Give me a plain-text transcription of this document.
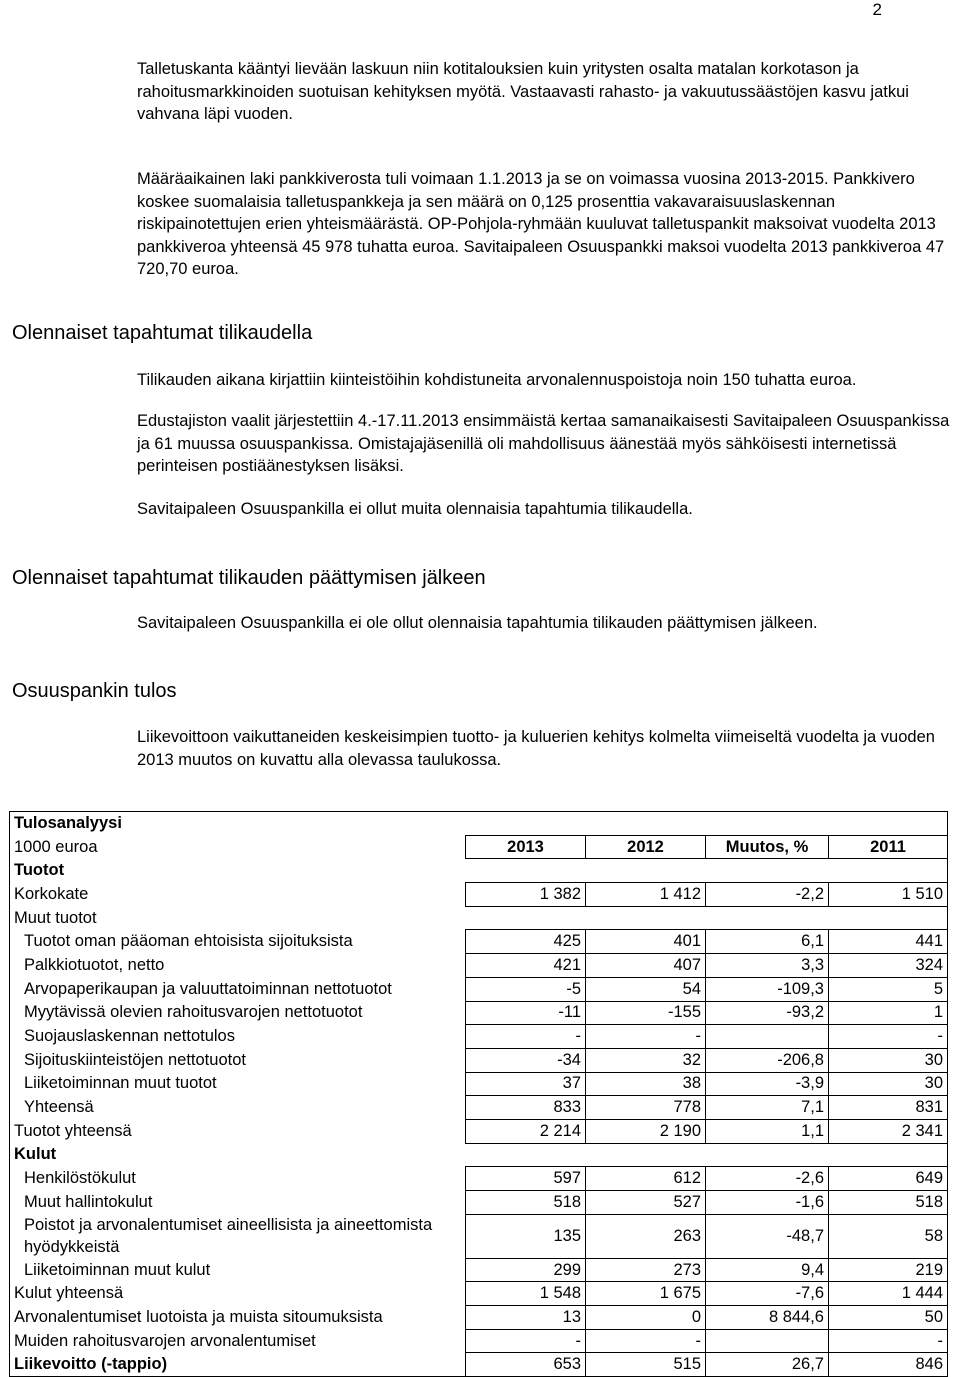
2

Talletuskanta kääntyi lievään laskuun niin kotitalouksien kuin yritysten osalta matalan korkotason ja rahoitusmarkkinoiden suotuisan kehityksen myötä. Vastaavasti rahasto- ja vakuutussäästöjen kasvu jatkui vahvana läpi vuoden.

Määräaikainen laki pankkiverosta tuli voimaan 1.1.2013 ja se on voimassa vuosina 2013-2015. Pankkivero koskee suomalaisia talletuspankkeja ja sen määrä on 0,125 prosenttia vakavaraisuuslaskennan riskipainotettujen erien yhteismäärästä. OP-Pohjola-ryhmään kuuluvat talletuspankit maksoivat vuodelta 2013 pankkiveroa yhteensä 45 978 tuhatta euroa. Savitaipaleen Osuuspankki maksoi vuodelta 2013 pankkiveroa 47 720,70 euroa.

Olennaiset tapahtumat tilikaudella

Tilikauden aikana kirjattiin kiinteistöihin kohdistuneita arvonalennuspoistoja noin 150 tuhatta euroa.

Edustajiston vaalit järjestettiin 4.-17.11.2013 ensimmäistä kertaa samanaikaisesti Savitaipaleen Osuuspankissa ja 61 muussa osuuspankissa. Omistajajäsenillä oli mahdollisuus äänestää myös sähköisesti internetissä perinteisen postiäänestyksen lisäksi.

Savitaipaleen Osuuspankilla ei ollut muita olennaisia tapahtumia tilikaudella.

Olennaiset tapahtumat tilikauden päättymisen jälkeen

Savitaipaleen Osuuspankilla ei ole ollut olennaisia tapahtumia tilikauden päättymisen jälkeen.

Osuuspankin tulos

Liikevoittoon vaikuttaneiden keskeisimpien tuotto- ja kuluerien kehitys kolmelta viimeiseltä vuodelta ja vuoden 2013 muutos on kuvattu alla olevassa taulukossa.

Tulosanalyysi				
1000 euroa	2013	2012	Muutos, %	2011
Tuotot				
Korkokate	1 382	1 412	-2,2	1 510
Muut tuotot				
Tuotot oman pääoman ehtoisista sijoituksista	425	401	6,1	441
Palkkiotuotot, netto	421	407	3,3	324
Arvopaperikaupan ja valuuttatoiminnan nettotuotot	-5	54	-109,3	5
Myytävissä olevien rahoitusvarojen nettotuotot	-11	-155	-93,2	1
Suojauslaskennan nettotulos	-	-		-
Sijoituskiinteistöjen nettotuotot	-34	32	-206,8	30
Liiketoiminnan muut tuotot	37	38	-3,9	30
Yhteensä	833	778	7,1	831
Tuotot yhteensä	2 214	2 190	1,1	2 341
Kulut				
Henkilöstökulut	597	612	-2,6	649
Muut hallintokulut	518	527	-1,6	518
Poistot ja arvonalentumiset aineellisista ja aineettomista hyödykkeistä	135	263	-48,7	58
Liiketoiminnan muut kulut	299	273	9,4	219
Kulut yhteensä	1 548	1 675	-7,6	1 444
Arvonalentumiset luotoista ja muista sitoumuksista	13	0	8 844,6	50
Muiden rahoitusvarojen arvonalentumiset	-	-		-
Liikevoitto (-tappio)	653	515	26,7	846
